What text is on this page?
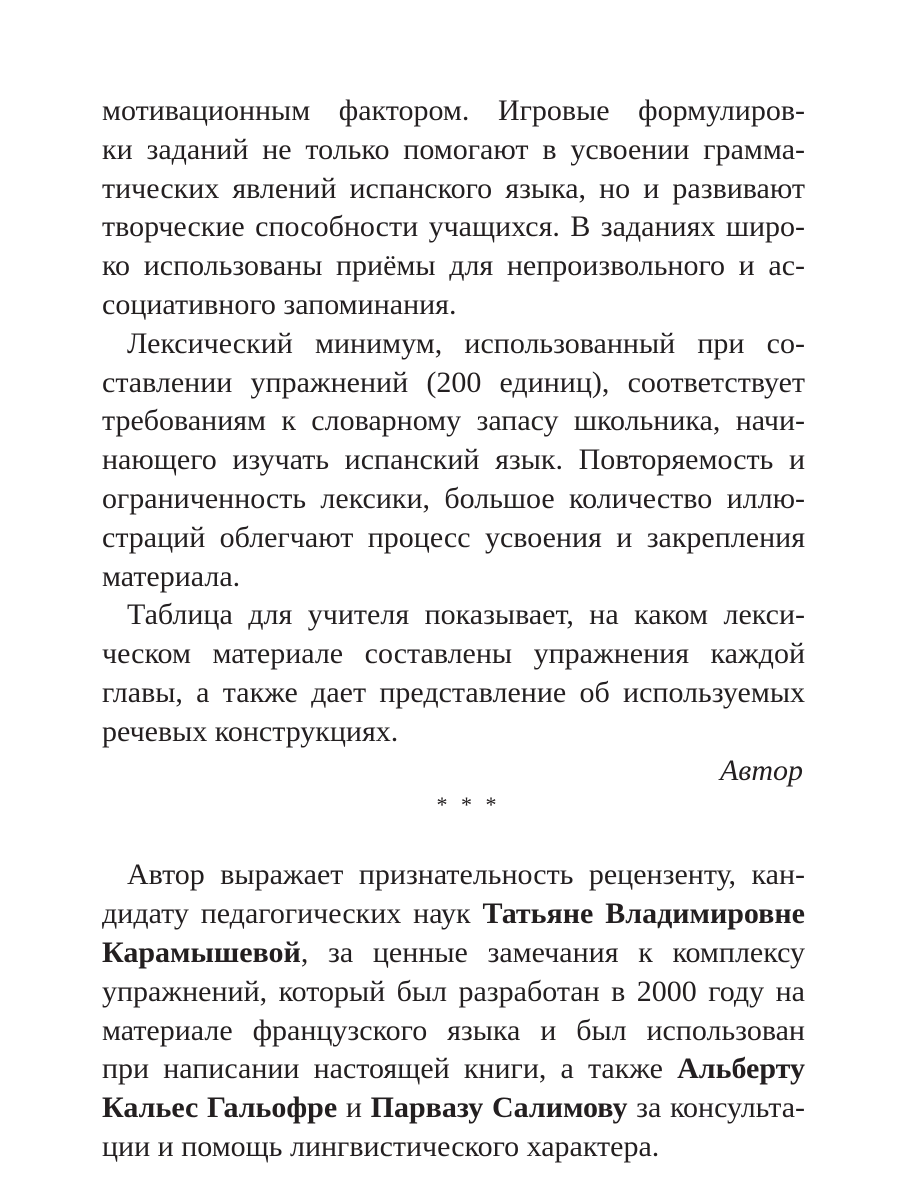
мотивационным фактором. Игровые формулиров-
ки заданий не только помогают в усвоении грамма-
тических явлений испанского языка, но и развивают
творческие способности учащихся. В заданиях широ-
ко использованы приёмы для непроизвольного и ас-
социативного запоминания.

Лексический минимум, использованный при со-
ставлении упражнений (200 единиц), соответствует
требованиям к словарному запасу школьника, начи-
нающего изучать испанский язык. Повторяемость и
ограниченность лексики, большое количество иллю-
страций облегчают процесс усвоения и закрепления
материала.

Таблица для учителя показывает, на каком лекси-
ческом материале составлены упражнения каждой
главы, а также дает представление об используемых
речевых конструкциях.

Автор

* * *

Автор выражает признательность рецензенту, кан-
дидату педагогических наук Татьяне Владимировне
Карамышевой, за ценные замечания к комплексу
упражнений, который был разработан в 2000 году на
материале французского языка и был использован
при написании настоящей книги, а также Альберту
Кальес Гальофре и Парвазу Салимову за консульта-
ции и помощь лингвистического характера.
